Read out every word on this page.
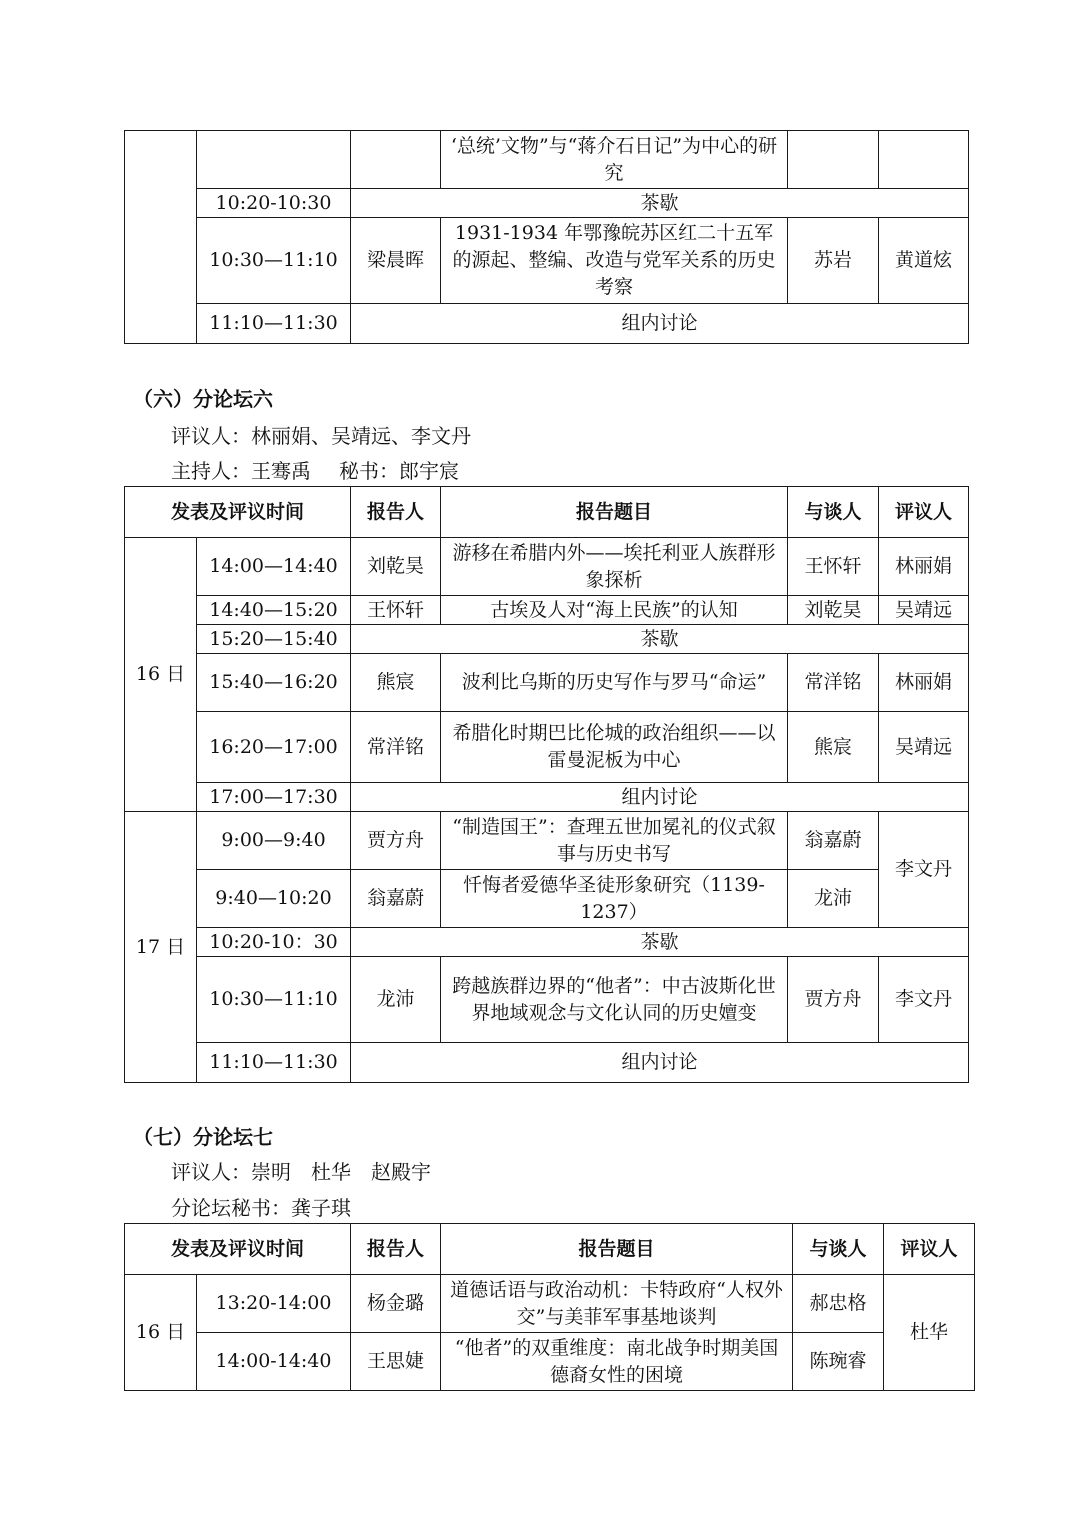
			‘总统’文物”与“蒋介石日记”为中心的研究		
	10:20-10:30	茶歇			
	10:30—11:10	梁晨晖	1931-1934 年鄂豫皖苏区红二十五军的源起、整编、改造与党军关系的历史考察	苏岩	黄道炫
	11:10—11:30	组内讨论			
（六）分论坛六
评议人：林丽娟、吴靖远、李文丹
主持人：王骞禹 秘书：郎宇宸
发表及评议时间		报告人	报告题目	与谈人	评议人
16 日	14:00—14:40	刘乾昊	游移在希腊内外——埃托利亚人族群形象探析	王怀轩	林丽娟
	14:40—15:20	王怀轩	古埃及人对“海上民族”的认知	刘乾昊	吴靖远
	15:20—15:40	茶歇			
	15:40—16:20	熊宸	波利比乌斯的历史写作与罗马“命运”	常洋铭	林丽娟
	16:20—17:00	常洋铭	希腊化时期巴比伦城的政治组织——以雷曼泥板为中心	熊宸	吴靖远
	17:00—17:30	组内讨论			
17 日	9:00—9:40	贾方舟	“制造国王”：查理五世加冕礼的仪式叙事与历史书写	翁嘉蔚	李文丹
	9:40—10:20	翁嘉蔚	忏悔者爱德华圣徒形象研究（1139-1237）	龙沛	
	10:20-10：30	茶歇			
	10:30—11:10	龙沛	跨越族群边界的“他者”：中古波斯化世界地域观念与文化认同的历史嬗变	贾方舟	李文丹
	11:10—11:30	组内讨论			
（七）分论坛七
评议人：崇明　杜华　赵殿宇
分论坛秘书：龚子琪
发表及评议时间		报告人	报告题目	与谈人	评议人
16 日	13:20-14:00	杨金璐	道德话语与政治动机：卡特政府“人权外交”与美菲军事基地谈判	郝忠格	杜华
	14:00-14:40	王思婕	“他者”的双重维度：南北战争时期美国德裔女性的困境	陈琬睿	
